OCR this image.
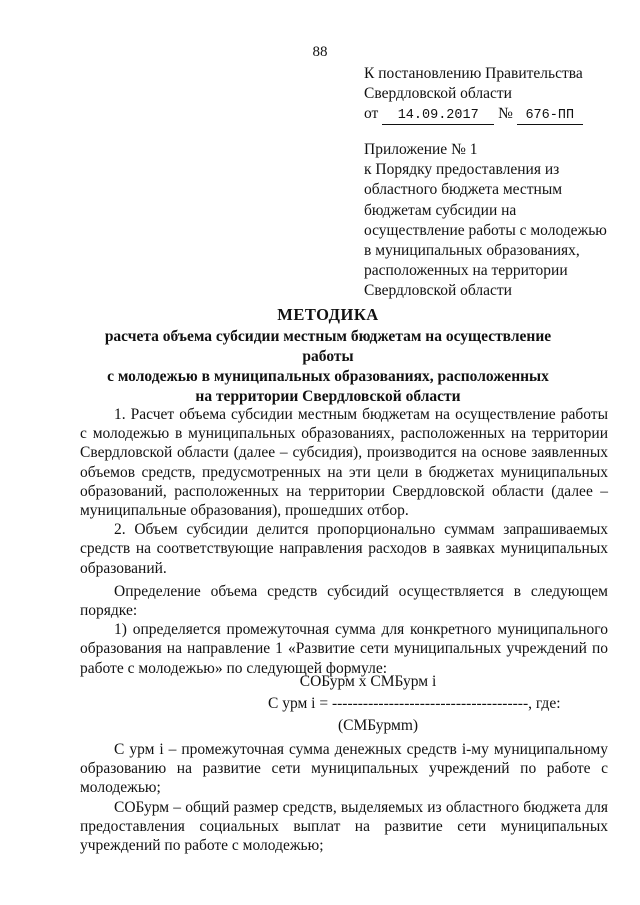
88
К постановлению Правительства
Свердловской области
от 14.09.2017 № 676-ПП
Приложение № 1
к Порядку предоставления из
областного бюджета местным
бюджетам субсидии на
осуществление работы с молодежью
в муниципальных образованиях,
расположенных на территории
Свердловской области
МЕТОДИКА
расчета объема субсидии местным бюджетам на осуществление работы
с молодежью в муниципальных образованиях, расположенных
на территории Свердловской области

1. Расчет объема субсидии местным бюджетам на осуществление работы с молодежью в муниципальных образованиях, расположенных на территории Свердловской области (далее – субсидия), производится на основе заявленных объемов средств, предусмотренных на эти цели в бюджетах муниципальных образований, расположенных на территории Свердловской области (далее – муниципальные образования), прошедших отбор.

2. Объем субсидии делится пропорционально суммам запрашиваемых средств на соответствующие направления расходов в заявках муниципальных образований.

Определение объема средств субсидий осуществляется в следующем порядке:

1) определяется промежуточная сумма для конкретного муниципального образования на направление 1 «Развитие сети муниципальных учреждений по работе с молодежью» по следующей формуле:

СОБурм х СМБурм i
С урм i = --------------------------------------, где:
(СМБурмm)

С урм i – промежуточная сумма денежных средств i-му муниципальному образованию на развитие сети муниципальных учреждений по работе с молодежью;

СОБурм – общий размер средств, выделяемых из областного бюджета для предоставления социальных выплат на развитие сети муниципальных учреждений по работе с молодежью;
